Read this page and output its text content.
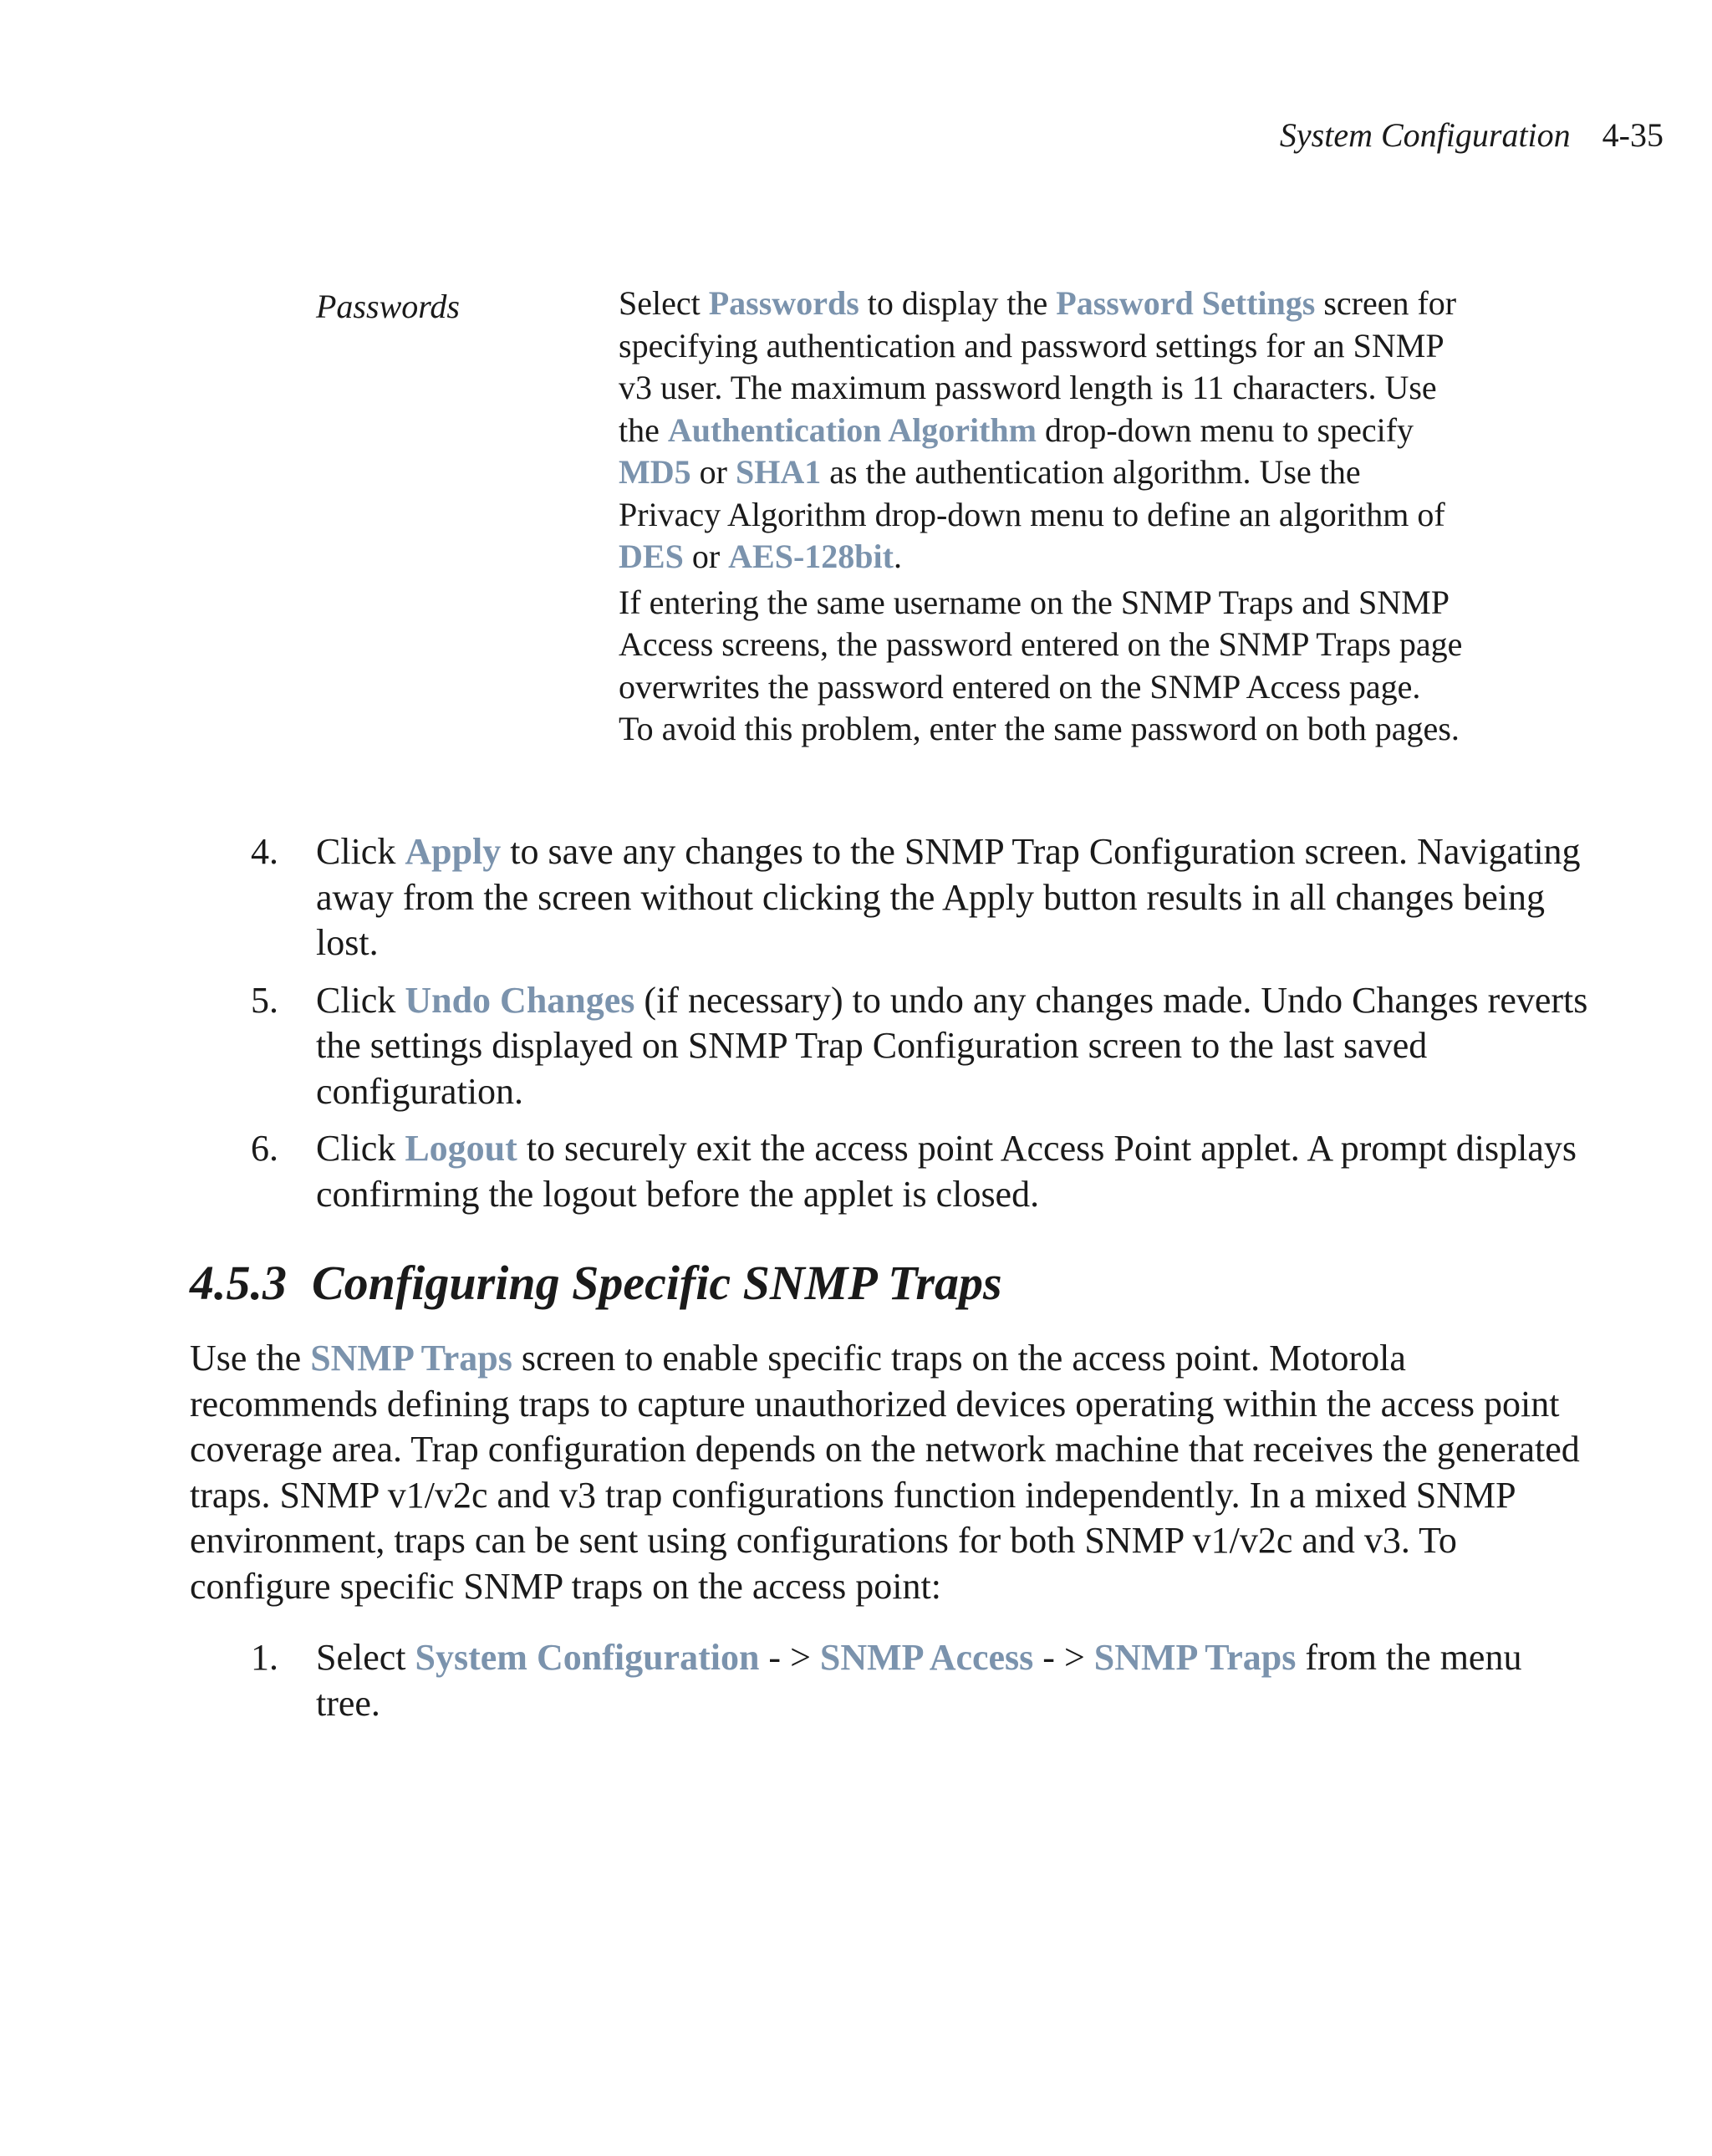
System Configuration 4-35
Passwords	Select Passwords to display the Password Settings screen for specifying authentication and password settings for an SNMP v3 user. The maximum password length is 11 characters. Use the Authentication Algorithm drop-down menu to specify MD5 or SHA1 as the authentication algorithm. Use the Privacy Algorithm drop-down menu to define an algorithm of DES or AES-128bit.

If entering the same username on the SNMP Traps and SNMP Access screens, the password entered on the SNMP Traps page overwrites the password entered on the SNMP Access page. To avoid this problem, enter the same password on both pages.

4. Click Apply to save any changes to the SNMP Trap Configuration screen. Navigating away from the screen without clicking the Apply button results in all changes being lost.
5. Click Undo Changes (if necessary) to undo any changes made. Undo Changes reverts the settings displayed on SNMP Trap Configuration screen to the last saved configuration.
6. Click Logout to securely exit the access point Access Point applet. A prompt displays confirming the logout before the applet is closed.
4.5.3 Configuring Specific SNMP Traps

Use the SNMP Traps screen to enable specific traps on the access point. Motorola recommends defining traps to capture unauthorized devices operating within the access point coverage area. Trap configuration depends on the network machine that receives the generated traps. SNMP v1/v2c and v3 trap configurations function independently. In a mixed SNMP environment, traps can be sent using configurations for both SNMP v1/v2c and v3. To configure specific SNMP traps on the access point:

1. Select System Configuration - > SNMP Access - > SNMP Traps from the menu tree.
